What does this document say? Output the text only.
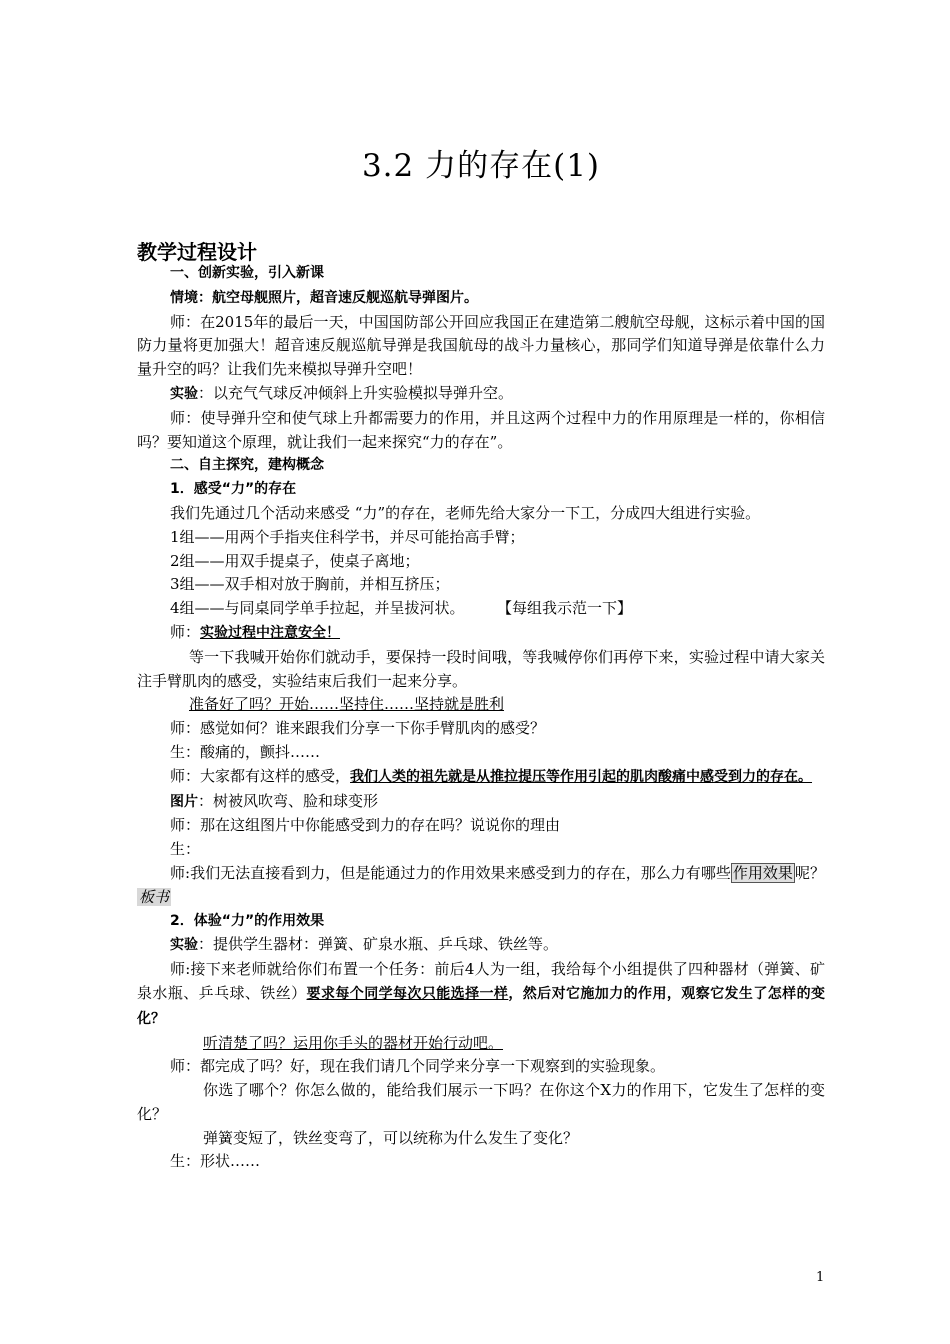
3.2 力的存在(1)
教学过程设计

一、创新实验，引入新课

情境：航空母舰照片，超音速反舰巡航导弹图片。

师：在2015年的最后一天，中国国防部公开回应我国正在建造第二艘航空母舰，这标示着中国的国防力量将更加强大！超音速反舰巡航导弹是我国航母的战斗力量核心，那同学们知道导弹是依靠什么力量升空的吗？让我们先来模拟导弹升空吧！

实验：以充气气球反冲倾斜上升实验模拟导弹升空。

师：使导弹升空和使气球上升都需要力的作用，并且这两个过程中力的作用原理是一样的，你相信吗？要知道这个原理，就让我们一起来探究“力的存在”。

二、自主探究，建构概念

1．感受“力”的存在

我们先通过几个活动来感受 “力”的存在，老师先给大家分一下工，分成四大组进行实验。

1组——用两个手指夹住科学书，并尽可能抬高手臂；

2组——用双手提桌子，使桌子离地；

3组——双手相对放于胸前，并相互挤压；

4组——与同桌同学单手拉起，并呈拔河状。	【每组我示范一下】

师：实验过程中注意安全！

等一下我喊开始你们就动手，要保持一段时间哦，等我喊停你们再停下来，实验过程中请大家关注手臂肌肉的感受，实验结束后我们一起来分享。

准备好了吗？开始……坚持住……坚持就是胜利

师：感觉如何？谁来跟我们分享一下你手臂肌肉的感受？

生：酸痛的，颤抖……

师：大家都有这样的感受，我们人类的祖先就是从推拉提压等作用引起的肌肉酸痛中感受到力的存在。

图片：树被风吹弯、脸和球变形

师：那在这组图片中你能感受到力的存在吗？说说你的理由

生：

师:我们无法直接看到力，但是能通过力的作用效果来感受到力的存在，那么力有哪些 作用效果 呢？板书

2．体验“力”的作用效果

实验：提供学生器材：弹簧、矿泉水瓶、乒乓球、铁丝等。

师:接下来老师就给你们布置一个任务：前后4人为一组，我给每个小组提供了四种器材（弹簧、矿泉水瓶、乒乓球、铁丝）要求每个同学每次只能选择一样，然后对它施加力的作用，观察它发生了怎样的变化？

听清楚了吗？运用你手头的器材开始行动吧。

师：都完成了吗？好，现在我们请几个同学来分享一下观察到的实验现象。

你选了哪个？你怎么做的，能给我们展示一下吗？在你这个X力的作用下，它发生了怎样的变化？

弹簧变短了，铁丝变弯了，可以统称为什么发生了变化？

生：形状……

1
